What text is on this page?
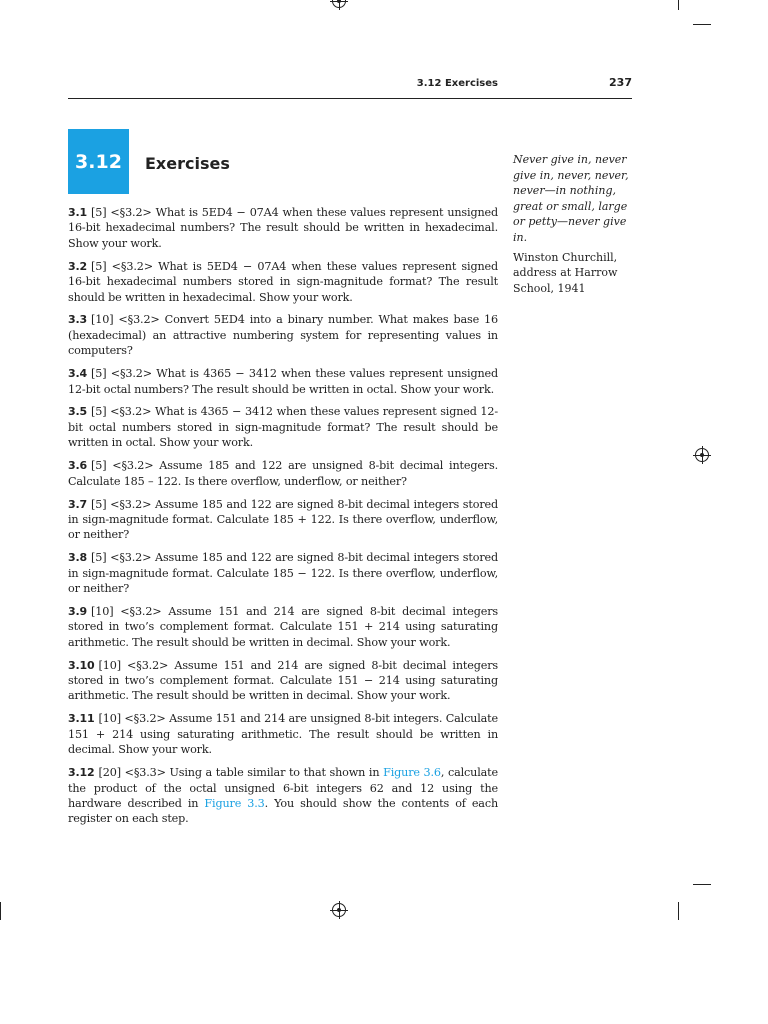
3.12 Exercises	237
3.12 Exercises

3.1 [5] <§3.2> What is 5ED4 − 07A4 when these values represent unsigned 16-bit hexadecimal numbers? The result should be written in hexadecimal. Show your work.

3.2 [5] <§3.2> What is 5ED4 − 07A4 when these values represent signed 16-bit hexadecimal numbers stored in sign-magnitude format? The result should be written in hexadecimal. Show your work.

3.3 [10] <§3.2> Convert 5ED4 into a binary number. What makes base 16 (hexadecimal) an attractive numbering system for representing values in computers?

3.4 [5] <§3.2> What is 4365 − 3412 when these values represent unsigned 12-bit octal numbers? The result should be written in octal. Show your work.

3.5 [5] <§3.2> What is 4365 − 3412 when these values represent signed 12-bit octal numbers stored in sign-magnitude format? The result should be written in octal. Show your work.

3.6 [5] <§3.2> Assume 185 and 122 are unsigned 8-bit decimal integers. Calculate 185 – 122. Is there overflow, underflow, or neither?

3.7 [5] <§3.2> Assume 185 and 122 are signed 8-bit decimal integers stored in sign-magnitude format. Calculate 185 + 122. Is there overflow, underflow, or neither?

3.8 [5] <§3.2> Assume 185 and 122 are signed 8-bit decimal integers stored in sign-magnitude format. Calculate 185 − 122. Is there overflow, underflow, or neither?

3.9 [10] <§3.2> Assume 151 and 214 are signed 8-bit decimal integers stored in two’s complement format. Calculate 151 + 214 using saturating arithmetic. The result should be written in decimal. Show your work.

3.10 [10] <§3.2> Assume 151 and 214 are signed 8-bit decimal integers stored in two’s complement format. Calculate 151 − 214 using saturating arithmetic. The result should be written in decimal. Show your work.

3.11 [10] <§3.2> Assume 151 and 214 are unsigned 8-bit integers. Calculate 151 + 214 using saturating arithmetic. The result should be written in decimal. Show your work.

3.12 [20] <§3.3> Using a table similar to that shown in Figure 3.6, calculate the product of the octal unsigned 6-bit integers 62 and 12 using the hardware described in Figure 3.3. You should show the contents of each register on each step.

Never give in, never give in, never, never, never—in nothing, great or small, large or petty—never give in.
Winston Churchill, address at Harrow School, 1941
